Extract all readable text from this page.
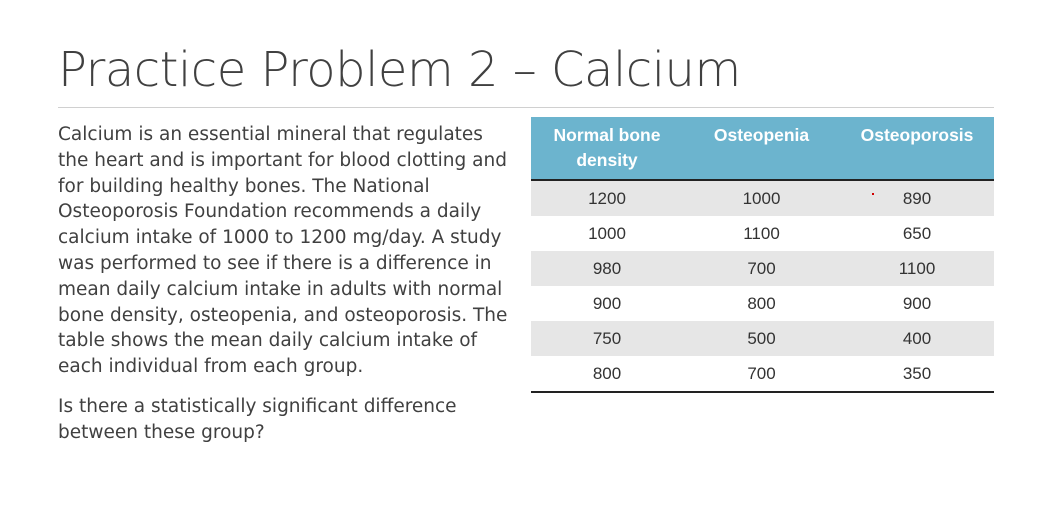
Practice Problem 2 – Calcium

Calcium is an essential mineral that regulates the heart and is important for blood clotting and for building healthy bones. The National Osteoporosis Foundation recommends a daily calcium intake of 1000 to 1200 mg/day. A study was performed to see if there is a difference in mean daily calcium intake in adults with normal bone density, osteopenia, and osteoporosis. The table shows the mean daily calcium intake of each individual from each group.

Is there a statistically significant difference between these group?

Normal bone density	Osteopenia	Osteoporosis
1200	1000	890
1000	1100	650
980	700	1100
900	800	900
750	500	400
800	700	350
